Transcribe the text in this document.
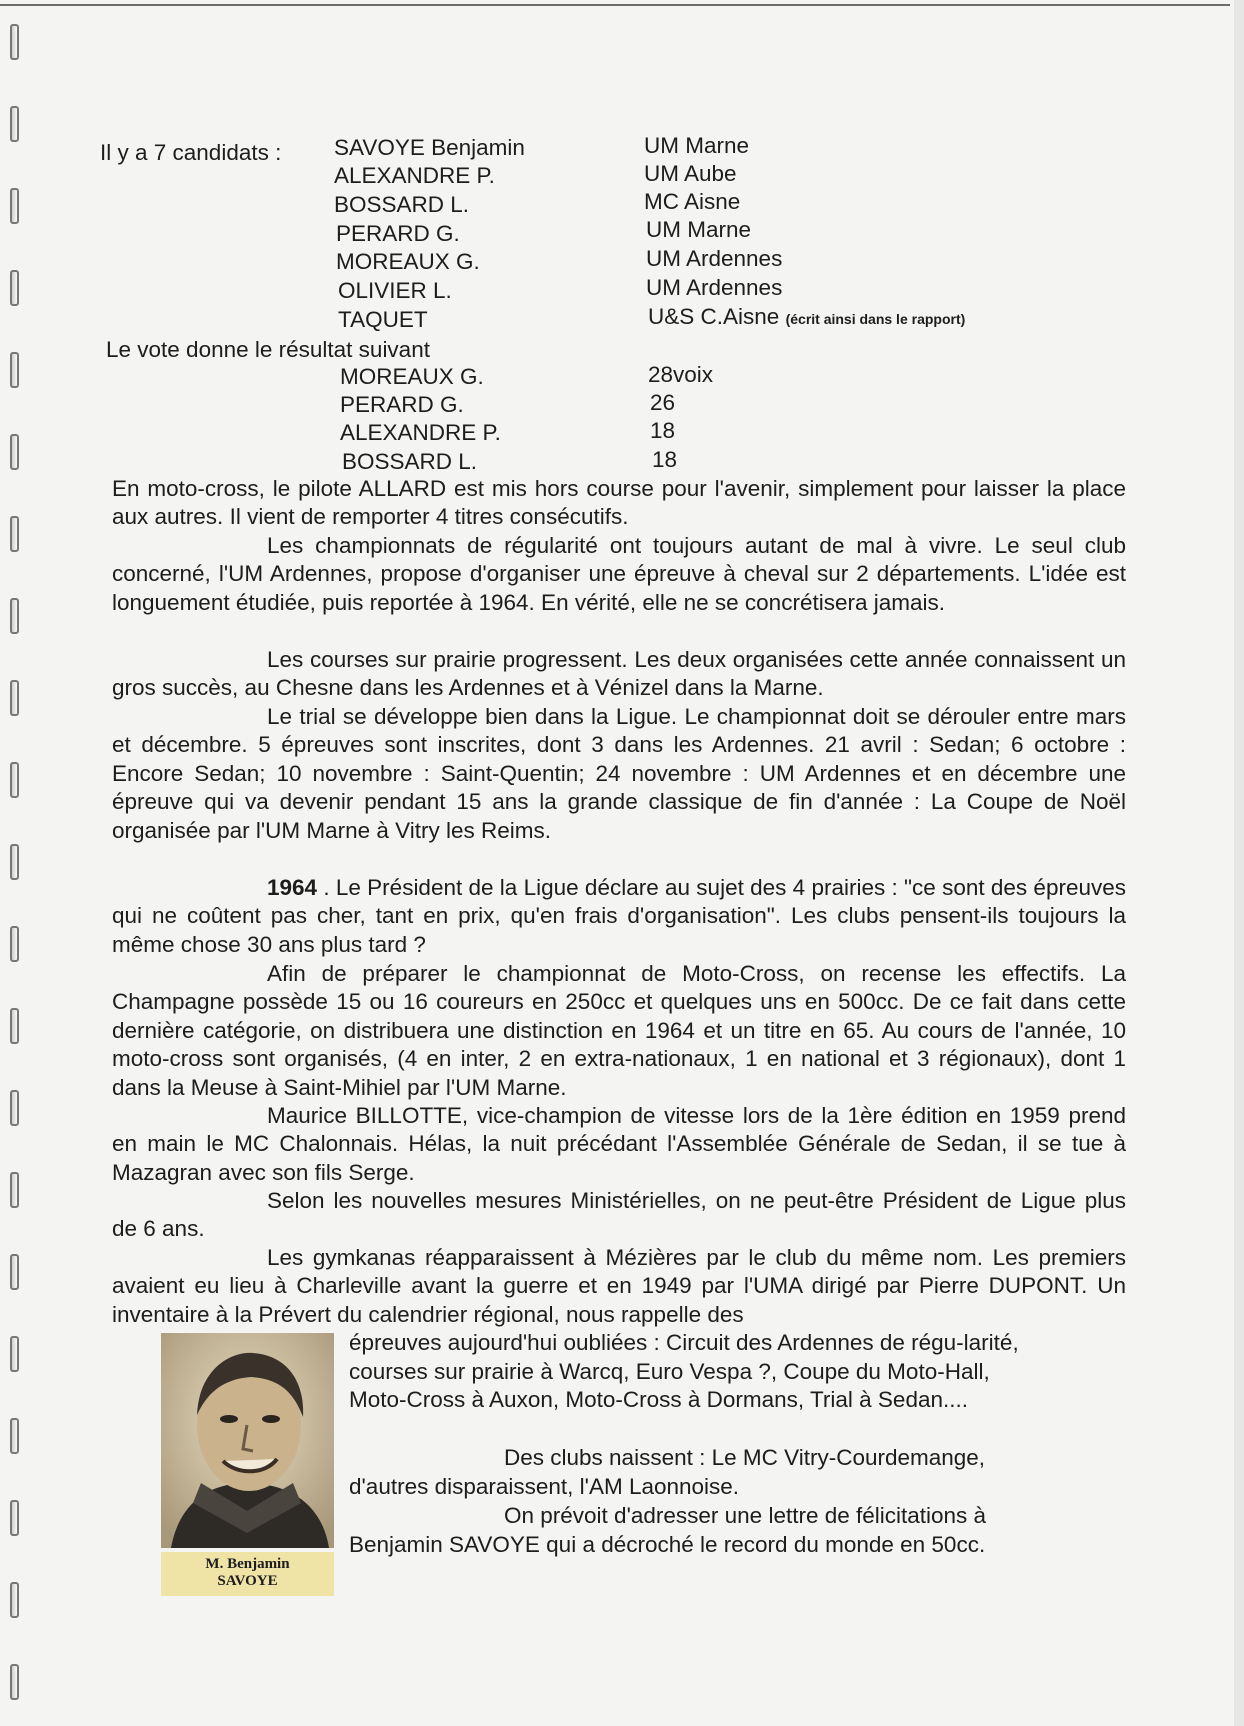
Il y a 7 candidats : SAVOYE Benjamin	UM Marne
ALEXANDRE P.	UM Aube
BOSSARD L.	MC Aisne
PERARD G.	UM Marne
MOREAUX G.	UM Ardennes
OLIVIER L.	UM Ardennes
TAQUET	U&S C.Aisne (écrit ainsi dans le rapport)
Le vote donne le résultat suivant
MOREAUX G.	28voix
PERARD G.	26
ALEXANDRE P.	18
BOSSARD L.	18
En moto-cross, le pilote ALLARD est mis hors course pour l'avenir, simplement pour laisser la place aux autres. Il vient de remporter 4 titres consécutifs.
Les championnats de régularité ont toujours autant de mal à vivre. Le seul club concerné, l'UM Ardennes, propose d'organiser une épreuve à cheval sur 2 départements. L'idée est longuement étudiée, puis reportée à 1964. En vérité, elle ne se concrétisera jamais.
Les courses sur prairie progressent. Les deux organisées cette année connaissent un gros succès, au Chesne dans les Ardennes et à Vénizel dans la Marne.
Le trial se développe bien dans la Ligue. Le championnat doit se dérouler entre mars et décembre. 5 épreuves sont inscrites, dont 3 dans les Ardennes. 21 avril : Sedan; 6 octobre : Encore Sedan; 10 novembre : Saint-Quentin; 24 novembre : UM Ardennes et en décembre une épreuve qui va devenir pendant 15 ans la grande classique de fin d'année : La Coupe de Noël organisée par l'UM Marne à Vitry les Reims.
1964 . Le Président de la Ligue déclare au sujet des 4 prairies : "ce sont des épreuves qui ne coûtent pas cher, tant en prix, qu'en frais d'organisation". Les clubs pensent-ils toujours la même chose 30 ans plus tard ?
Afin de préparer le championnat de Moto-Cross, on recense les effectifs. La Champagne possède 15 ou 16 coureurs en 250cc et quelques uns en 500cc. De ce fait dans cette dernière catégorie, on distribuera une distinction en 1964 et un titre en 65. Au cours de l'année, 10 moto-cross sont organisés, (4 en inter, 2 en extra-nationaux, 1 en national et 3 régionaux), dont 1 dans la Meuse à Saint-Mihiel par l'UM Marne.
Maurice BILLOTTE, vice-champion de vitesse lors de la 1ère édition en 1959 prend en main le MC Chalonnais. Hélas, la nuit précédant l'Assemblée Générale de Sedan, il se tue à Mazagran avec son fils Serge.
Selon les nouvelles mesures Ministérielles, on ne peut-être Président de Ligue plus de 6 ans.
Les gymkanas réapparaissent à Mézières par le club du même nom. Les premiers avaient eu lieu à Charleville avant la guerre et en 1949 par l'UMA dirigé par Pierre DUPONT. Un inventaire à la Prévert du calendrier régional, nous rappelle des
M. Benjamin
SAVOYE
épreuves aujourd'hui oubliées : Circuit des Ardennes de régu-larité, courses sur prairie à Warcq, Euro Vespa ?, Coupe du Moto-Hall, Moto-Cross à Auxon, Moto-Cross à Dormans, Trial à Sedan....
Des clubs naissent : Le MC Vitry-Courdemange, d'autres disparaissent, l'AM Laonnoise.
On prévoit d'adresser une lettre de félicitations à Benjamin SAVOYE qui a décroché le record du monde en 50cc.
